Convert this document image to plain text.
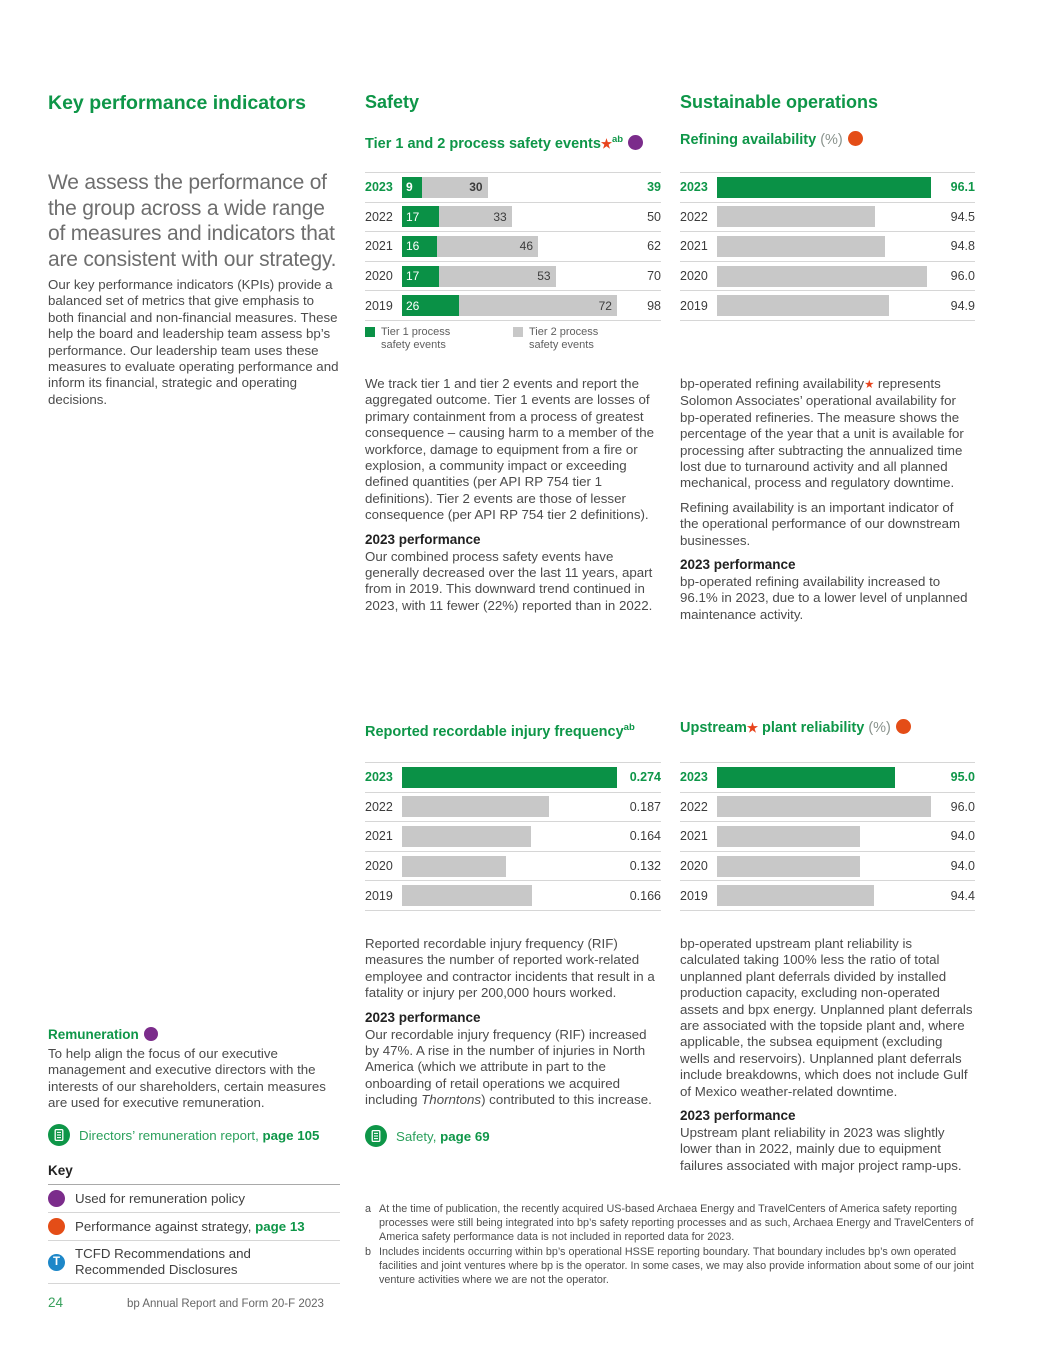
Key performance indicators

We assess the performance of the group across a wide range of measures and indicators that are consistent with our strategy.

Our key performance indicators (KPIs) provide a balanced set of metrics that give emphasis to both financial and non-financial measures. These help the board and leadership team assess bp’s performance. Our leadership team uses these measures to evaluate operating performance and inform its financial, strategic and operating decisions.

Remuneration

To help align the focus of our executive management and executive directors with the interests of our shareholders, certain measures are used for executive remuneration.

Directors’ remuneration report,
page 105
Key
Used for remuneration policy
Performance against strategy, page 13
T
TCFD Recommendations and Recommended Disclosures
Safety
Tier 1 and 2 process safety events★$^{ab}$
2023	9	30	39
2022	17	33	50
2021	16	46	62
2020	17	53	70
2019	26	72	98
Tier 1 process
safety events
Tier 2 process
safety events

We track tier 1 and tier 2 events and report the aggregated outcome. Tier 1 events are losses of primary containment from a process of greatest consequence – causing harm to a member of the workforce, damage to equipment from a fire or explosion, a community impact or exceeding defined quantities (per API RP 754 tier 1 definitions). Tier 2 events are those of lesser consequence (per API RP 754 tier 2 definitions).

2023 performance

Our combined process safety events have generally decreased over the last 11 years, apart from in 2019. This downward trend continued in 2023, with 11 fewer (22%) reported than in 2022.

Reported recordable injury frequency$^{ab}$
2023	0.274
2022	0.187
2021	0.164
2020	0.132
2019	0.166

Reported recordable injury frequency (RIF) measures the number of reported work-related employee and contractor incidents that result in a fatality or injury per 200,000 hours worked.

2023 performance

Our recordable injury frequency (RIF) increased by 47%. A rise in the number of injuries in North America (which we attribute in part to the onboarding of retail operations we acquired including Thorntons) contributed to this increase.

Safety,
page 69
Sustainable operations
Refining availability (%)
2023	96.1
2022	94.5
2021	94.8
2020	96.0
2019	94.9

bp-operated refining availability★ represents Solomon Associates’ operational availability for bp-operated refineries. The measure shows the percentage of the year that a unit is available for processing after subtracting the annualized time lost due to turnaround activity and all planned mechanical, process and regulatory downtime.

Refining availability is an important indicator of the operational performance of our downstream businesses.

2023 performance

bp-operated refining availability increased to 96.1% in 2023, due to a lower level of unplanned maintenance activity.

Upstream★ plant reliability (%)
2023	95.0
2022	96.0
2021	94.0
2020	94.0
2019	94.4

bp-operated upstream plant reliability is calculated taking 100% less the ratio of total unplanned plant deferrals divided by installed production capacity, excluding non-operated assets and bpx energy. Unplanned plant deferrals are associated with the topside plant and, where applicable, the subsea equipment (excluding wells and reservoirs). Unplanned plant deferrals include breakdowns, which does not include Gulf of Mexico weather-related downtime.

2023 performance

Upstream plant reliability in 2023 was slightly lower than in 2022, mainly due to equipment failures associated with major project ramp-ups.

a At the time of publication, the recently acquired US-based Archaea Energy and TravelCenters of America safety reporting processes were still being integrated into bp’s safety reporting processes and as such, Archaea Energy and TravelCenters of America safety performance data is not included in reported data for 2023.
b Includes incidents occurring within bp’s operational HSSE reporting boundary. That boundary includes bp’s own operated facilities and joint ventures where bp is the operator. In some cases, we may also provide information about some of our joint venture activities where we are not the operator.
24	bp Annual Report and Form 20-F 2023
